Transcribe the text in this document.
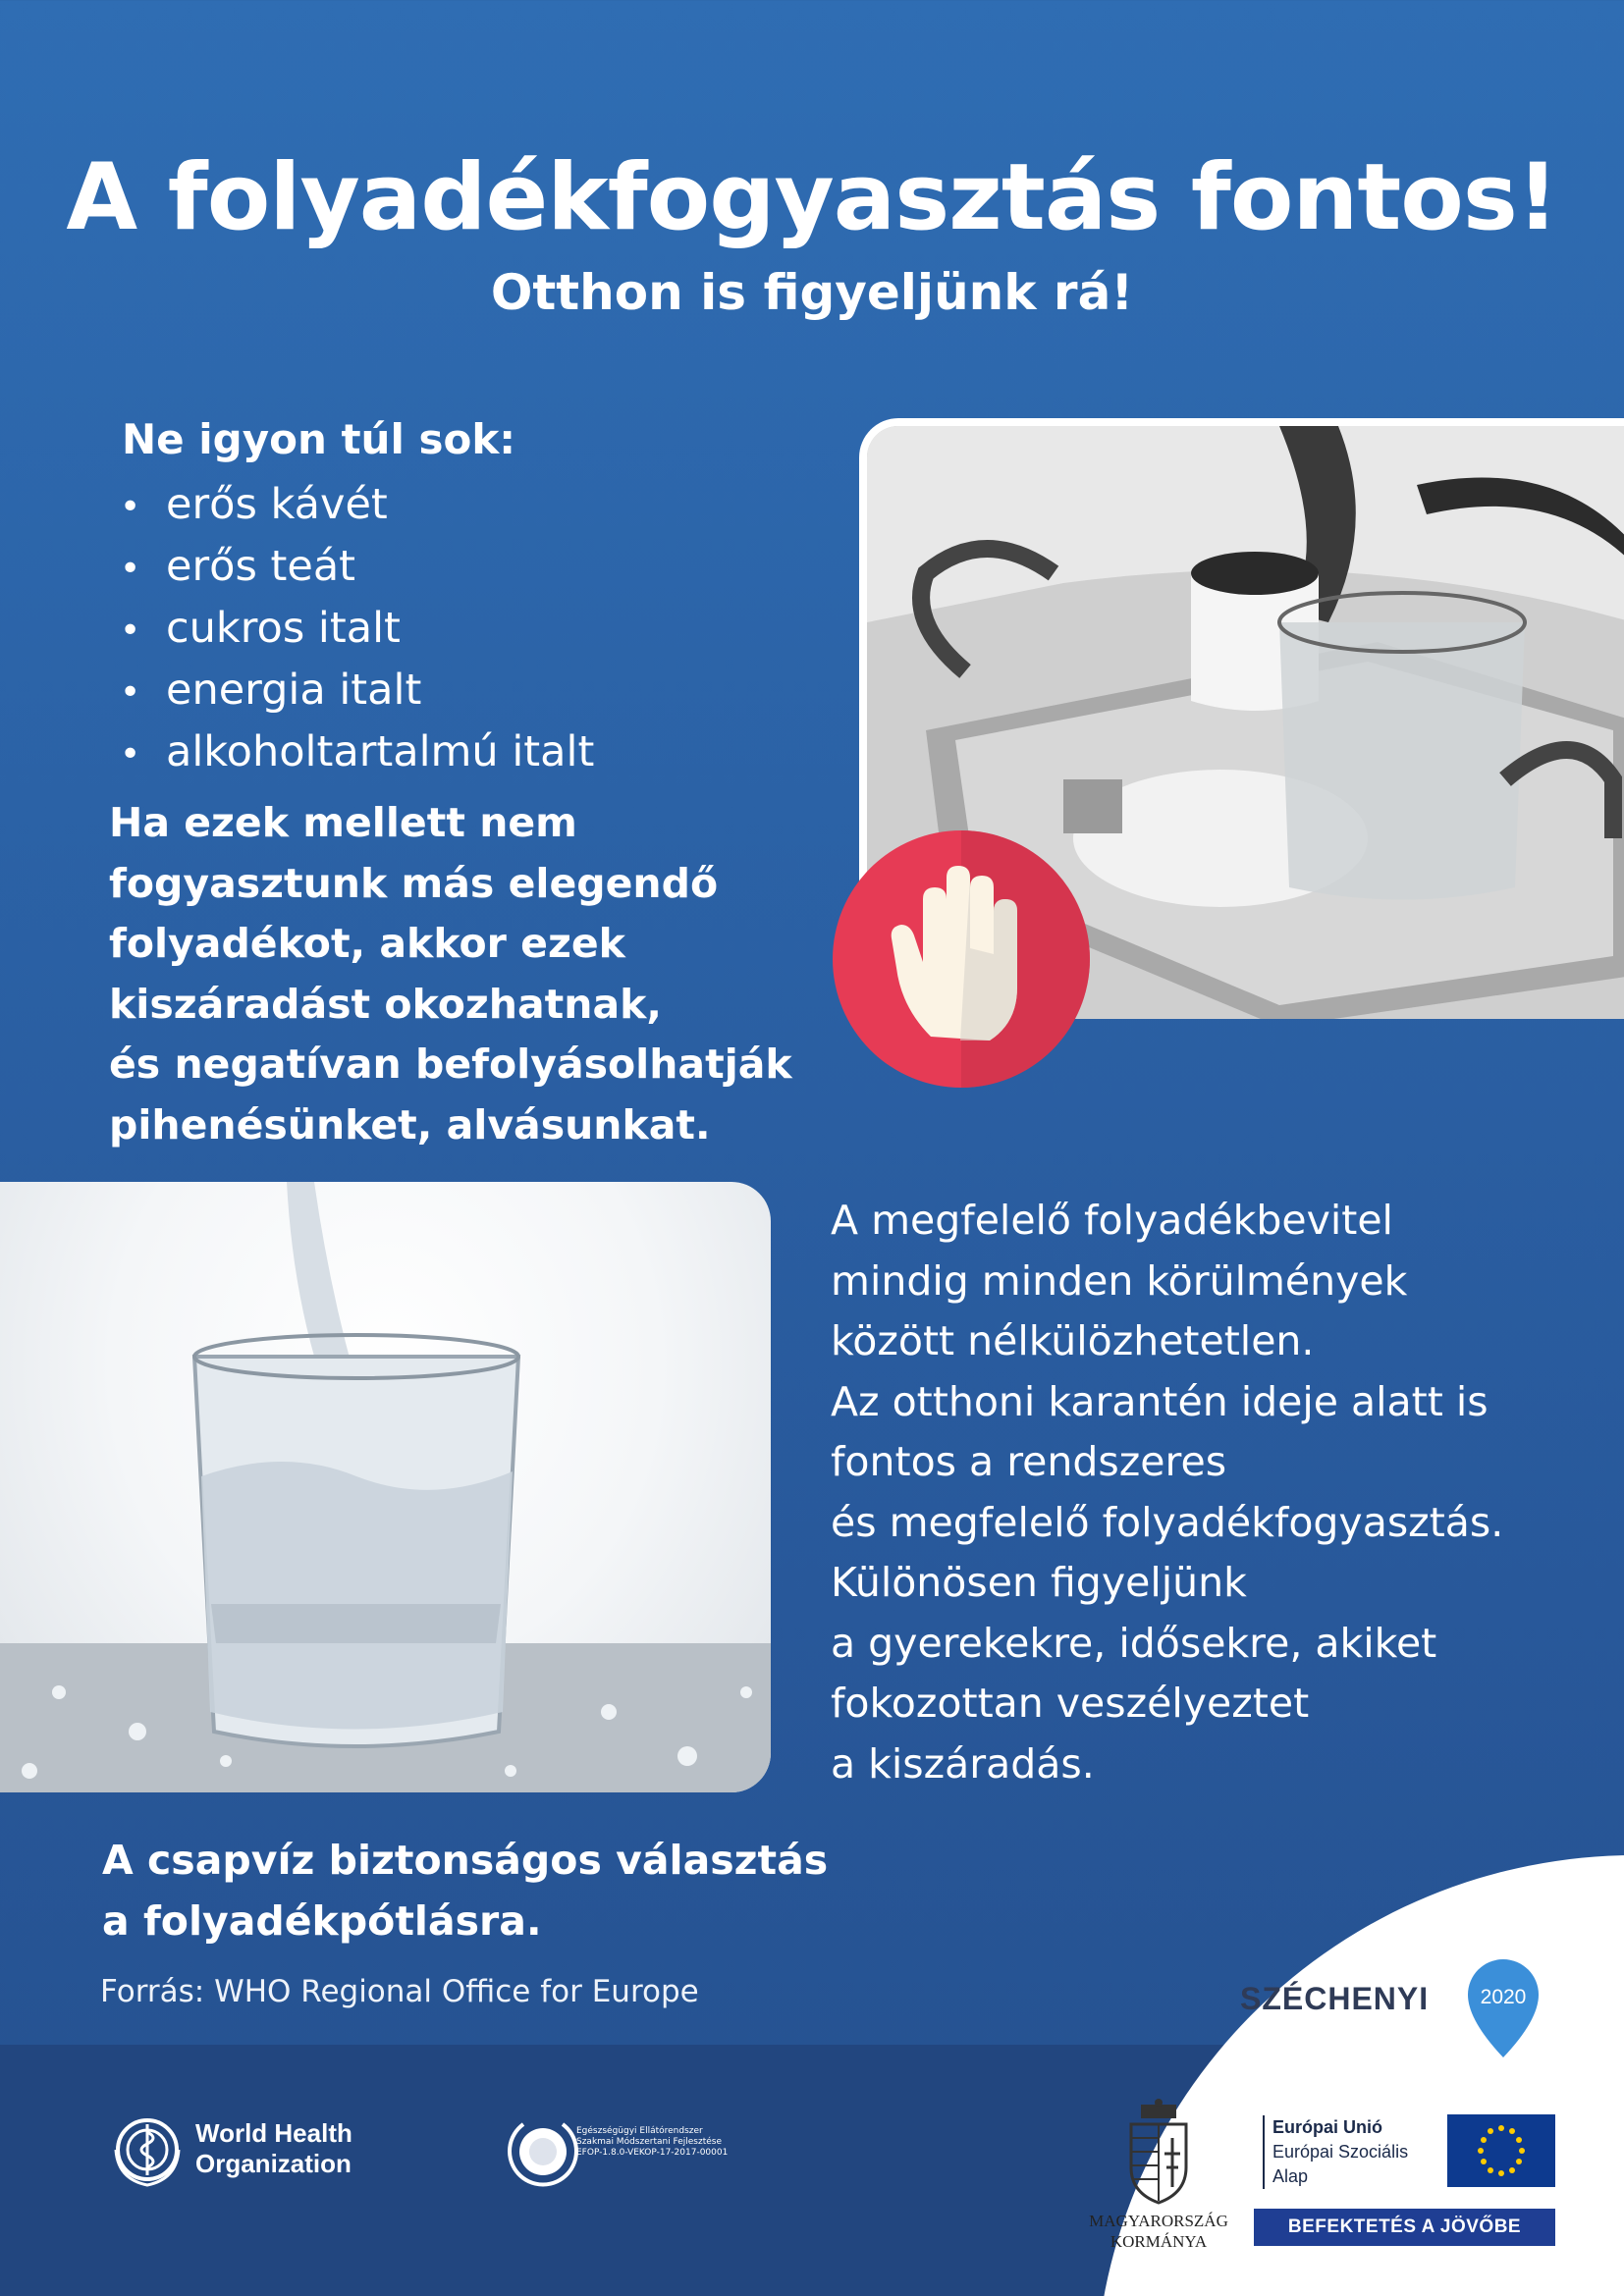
A folyadékfogyasztás fontos!
Otthon is figyeljünk rá!
Ne igyon túl sok:
• erős kávét
• erős teát
• cukros italt
• energia italt
• alkoholtartalmú italt
Ha ezek mellett nem
fogyasztunk más elegendő
folyadékot, akkor ezek
kiszáradást okozhatnak,
és negatívan befolyásolhatják
pihenésünket, alvásunkat.
A megfelelő folyadékbevitel
mindig minden körülmények
között nélkülözhetetlen.
Az otthoni karantén ideje alatt is
fontos a rendszeres
és megfelelő folyadékfogyasztás.
Különösen figyeljünk
a gyerekekre, idősekre, akiket
fokozottan veszélyeztet
a kiszáradás.
A csapvíz biztonságos választás
a folyadékpótlásra.
Forrás: WHO Regional Office for Europe
World Health
Organization
Egészségügyi Ellátórendszer
Szakmai Módszertani Fejlesztése
EFOP-1.8.0-VEKOP-17-2017-00001
SZÉCHENYI	2020
MAGYARORSZÁG
KORMÁNYA
Európai Unió
Európai Szociális
Alap
BEFEKTETÉS A JÖVŐBE
